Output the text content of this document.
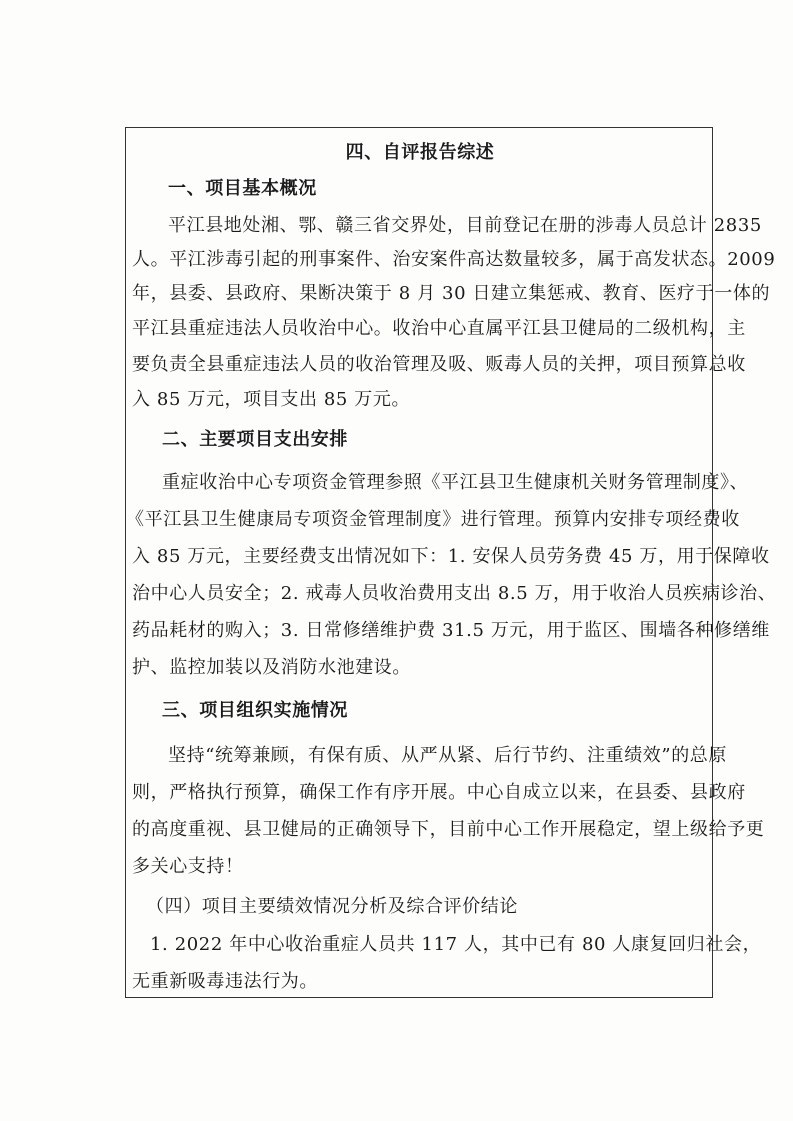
四、自评报告综述
一、项目基本概况
平江县地处湘、鄂、赣三省交界处，目前登记在册的涉毒人员总计 2835
人。平江涉毒引起的刑事案件、治安案件高达数量较多，属于高发状态。2009
年，县委、县政府、果断决策于 8 月 30 日建立集惩戒、教育、医疗于一体的
平江县重症违法人员收治中心。收治中心直属平江县卫健局的二级机构，主
要负责全县重症违法人员的收治管理及吸、贩毒人员的关押，项目预算总收
入 85 万元，项目支出 85 万元。
二、主要项目支出安排
重症收治中心专项资金管理参照《平江县卫生健康机关财务管理制度》、
《平江县卫生健康局专项资金管理制度》进行管理。预算内安排专项经费收
入 85 万元，主要经费支出情况如下：1. 安保人员劳务费 45 万，用于保障收
治中心人员安全；2. 戒毒人员收治费用支出 8.5 万，用于收治人员疾病诊治、
药品耗材的购入；3. 日常修缮维护费 31.5 万元，用于监区、围墙各种修缮维
护、监控加装以及消防水池建设。
三、项目组织实施情况
坚持“统筹兼顾，有保有质、从严从紧、后行节约、注重绩效”的总原
则，严格执行预算，确保工作有序开展。中心自成立以来，在县委、县政府
的高度重视、县卫健局的正确领导下，目前中心工作开展稳定，望上级给予更
多关心支持！
（四）项目主要绩效情况分析及综合评价结论
1. 2022 年中心收治重症人员共 117 人，其中已有 80 人康复回归社会，
无重新吸毒违法行为。
